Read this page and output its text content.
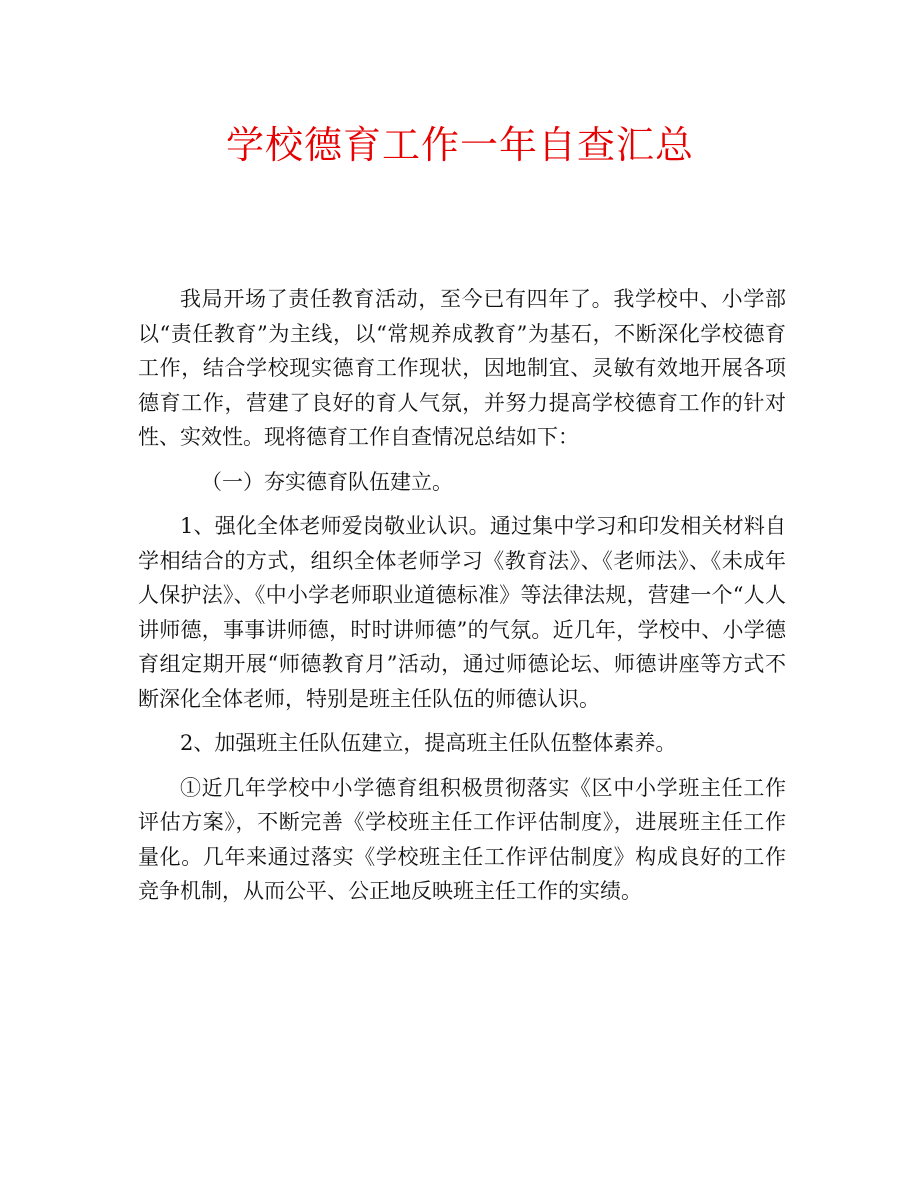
学校德育工作一年自查汇总

我局开场了责任教育活动，至今已有四年了。我学校中、小学部以“责任教育”为主线，以“常规养成教育”为基石，不断深化学校德育工作，结合学校现实德育工作现状，因地制宜、灵敏有效地开展各项德育工作，营建了良好的育人气氛，并努力提高学校德育工作的针对性、实效性。现将德育工作自查情况总结如下：

（一）夯实德育队伍建立。

1、强化全体老师爱岗敬业认识。通过集中学习和印发相关材料自学相结合的方式，组织全体老师学习《教育法》、《老师法》、《未成年人保护法》、《中小学老师职业道德标准》等法律法规，营建一个“人人讲师德，事事讲师德，时时讲师德”的气氛。近几年，学校中、小学德育组定期开展“师德教育月”活动，通过师德论坛、师德讲座等方式不断深化全体老师，特别是班主任队伍的师德认识。

2、加强班主任队伍建立，提高班主任队伍整体素养。

①近几年学校中小学德育组积极贯彻落实《区中小学班主任工作评估方案》，不断完善《学校班主任工作评估制度》，进展班主任工作量化。几年来通过落实《学校班主任工作评估制度》构成良好的工作竞争机制，从而公平、公正地反映班主任工作的实绩。
